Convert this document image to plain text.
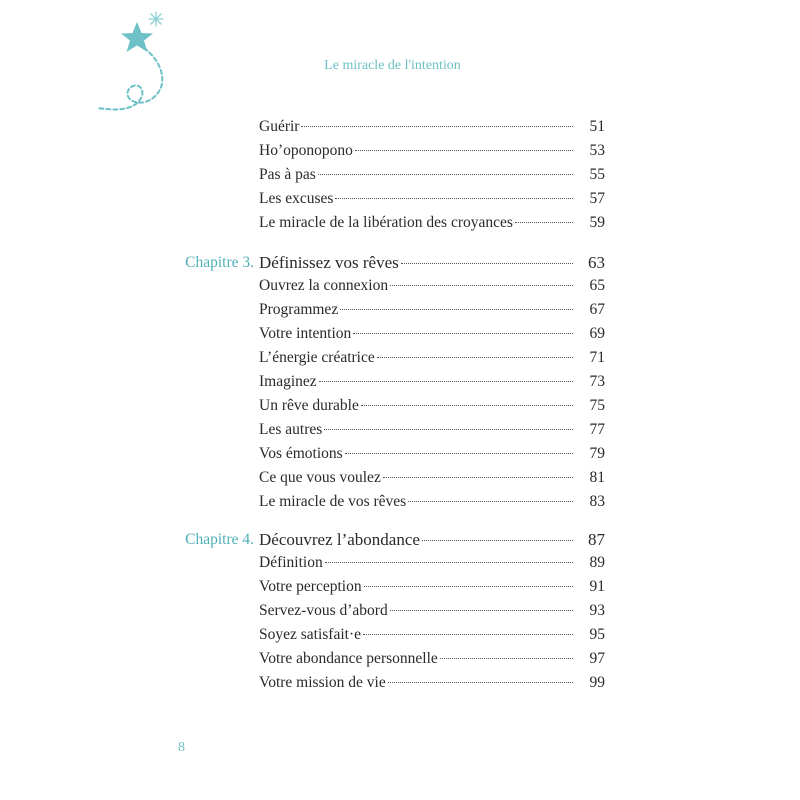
Le miracle de l'intention
Guérir	51
Ho’oponopono	53
Pas à pas	55
Les excuses	57
Le miracle de la libération des croyances	59
Chapitre 3. Définissez vos rêves	63
Ouvrez la connexion	65
Programmez	67
Votre intention	69
L’énergie créatrice	71
Imaginez	73
Un rêve durable	75
Les autres	77
Vos émotions	79
Ce que vous voulez	81
Le miracle de vos rêves	83
Chapitre 4. Découvrez l’abondance	87
Définition	89
Votre perception	91
Servez-vous d’abord	93
Soyez satisfait·e	95
Votre abondance personnelle	97
Votre mission de vie	99
8
